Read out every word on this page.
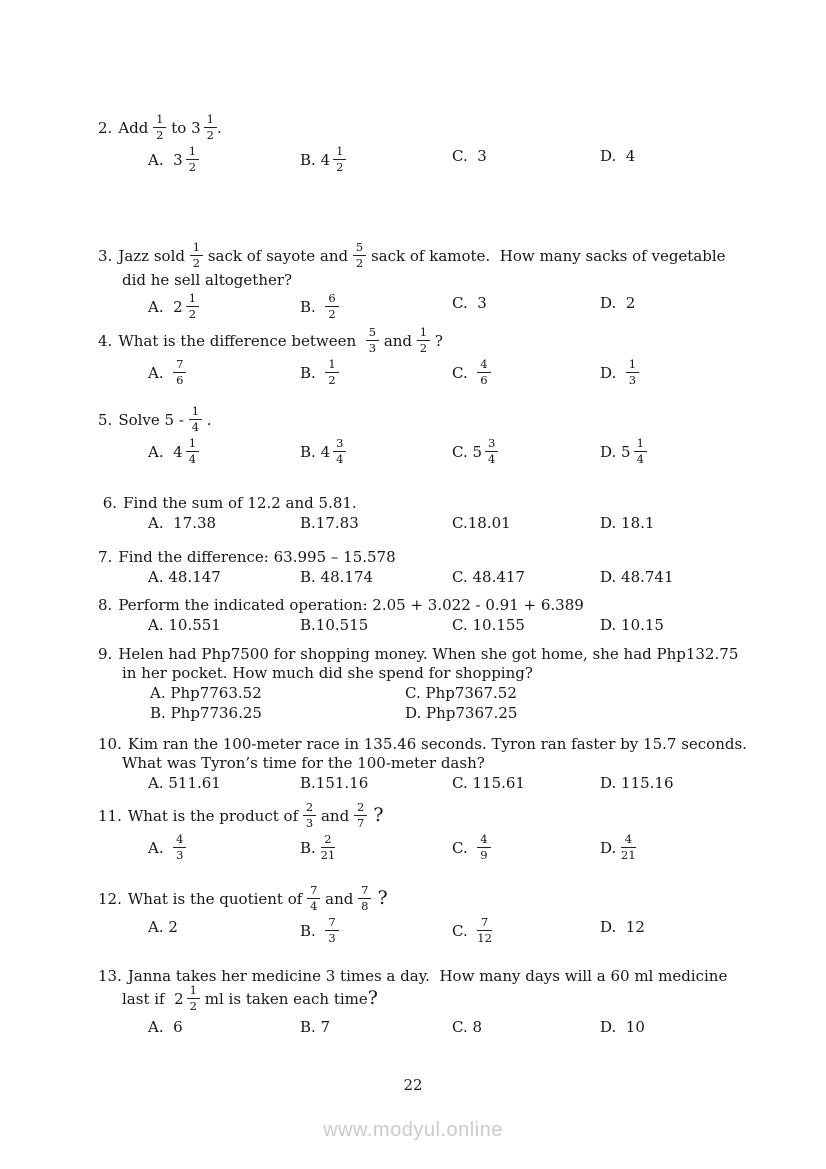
2. Add $\frac{1}{2}$ to $3 \frac{1}{2}$ .
A.  $3 \frac{1}{2}$	B. $4 \frac{1}{2}$	C.  3	D.  4
3. Jazz sold $\frac{1}{2}$ sack of sayote and $\frac{5}{2}$ sack of kamote.  How many sacks of vegetable
did he sell altogether?
A.  $2 \frac{1}{2}$	B. $\frac{6}{2}$	C.  3	D.  2
4. What is the difference between $\frac{5}{3}$ and $\frac{1}{2}$ ?
A. $\frac{7}{6}$	B. $\frac{1}{2}$	C. $\frac{4}{6}$	D. $\frac{1}{3}$
5. Solve $5 - \frac{1}{4}$ .
A.  $4 \frac{1}{4}$	B. $4 \frac{3}{4}$	C. $5 \frac{3}{4}$	D. $5 \frac{1}{4}$
6. Find the sum of 12.2 and 5.81.
A.  17.38	B.17.83	C.18.01	D. 18.1
7. Find the difference: 63.995 – 15.578
A. 48.147	B. 48.174	C. 48.417	D. 48.741
8. Perform the indicated operation: 2.05 + 3.022 - 0.91 + 6.389
A. 10.551	B.10.515	C. 10.155	D. 10.15
9. Helen had Php7500 for shopping money. When she got home, she had Php132.75
in her pocket. How much did she spend for shopping?
A. Php7763.52	C. Php7367.52
B. Php7736.25	D. Php7367.25
10. Kim ran the 100-meter race in 135.46 seconds. Tyron ran faster by 15.7 seconds.
What was Tyron’s time for the 100-meter dash?
A. 511.61	B.151.16	C. 115.61	D. 115.16
11. What is the product of $\frac{2}{3}$ and $\frac{2}{7}$ ?
A. $\frac{4}{3}$	B. $\frac{2}{21}$	C. $\frac{4}{9}$	D. $\frac{4}{21}$
12. What is the quotient of $\frac{7}{4}$ and $\frac{7}{8}$ ?
A. 2	B. $\frac{7}{3}$	C. $\frac{7}{12}$	D.  12
13. Janna takes her medicine 3 times a day.  How many days will a 60 ml medicine
last if  $2 \frac{1}{2}$ ml is taken each time?
A.  6	B. 7	C. 8	D.  10
22
www.modyul.online
